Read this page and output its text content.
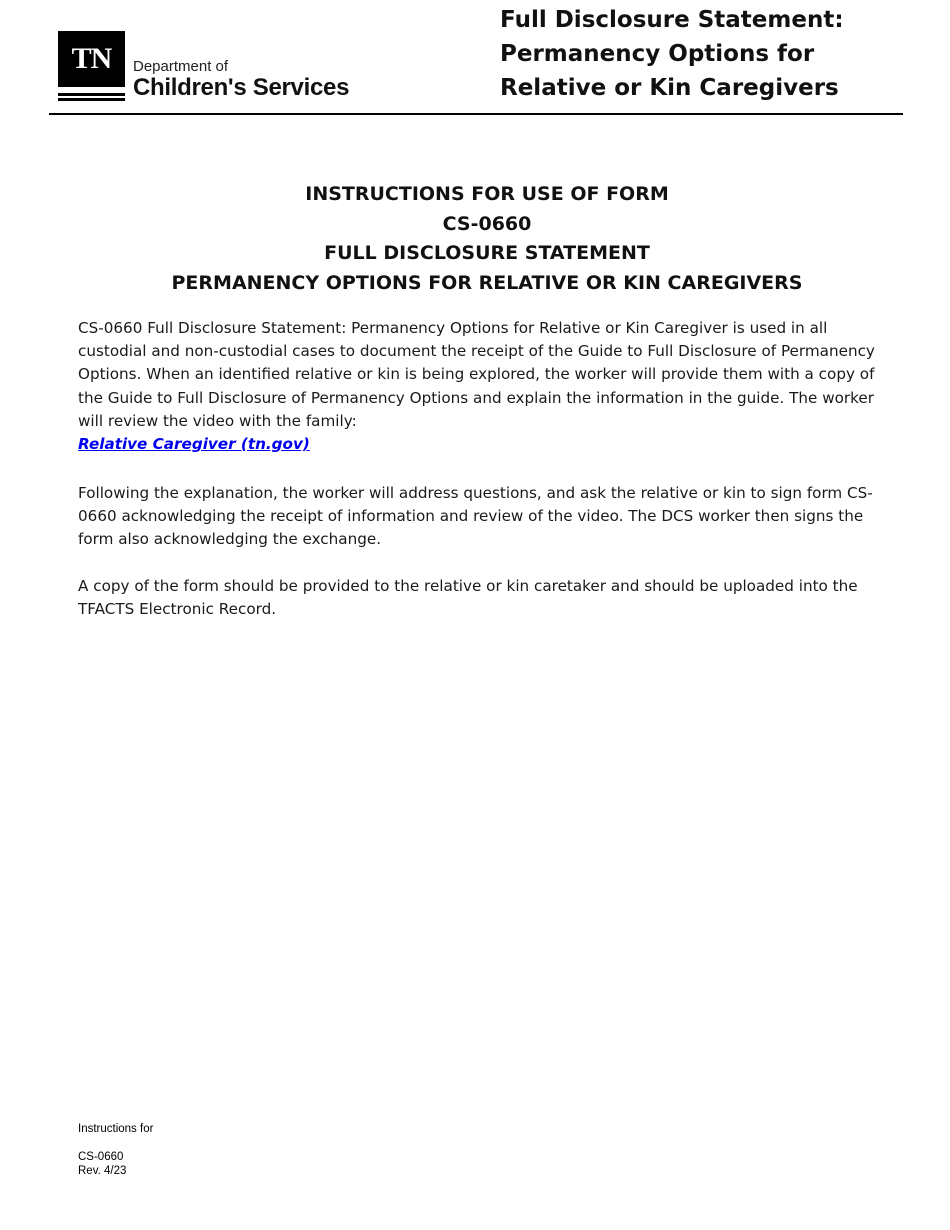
TN	Department of
Children's Services
Full Disclosure Statement:
Permanency Options for
Relative or Kin Caregivers
INSTRUCTIONS FOR USE OF FORM
CS-0660
FULL DISCLOSURE STATEMENT
PERMANENCY OPTIONS FOR RELATIVE OR KIN CAREGIVERS
CS-0660 Full Disclosure Statement: Permanency Options for Relative or Kin Caregiver is used in all custodial and non-custodial cases to document the receipt of the Guide to Full Disclosure of Permanency Options. When an identified relative or kin is being explored, the worker will provide them with a copy of the Guide to Full Disclosure of Permanency Options and explain the information in the guide. The worker will review the video with the family:
Relative Caregiver (tn.gov)
Following the explanation, the worker will address questions, and ask the relative or kin to sign form CS-0660 acknowledging the receipt of information and review of the video. The DCS worker then signs the form also acknowledging the exchange.
A copy of the form should be provided to the relative or kin caretaker and should be uploaded into the TFACTS Electronic Record.
Instructions for
CS-0660
Rev. 4/23
